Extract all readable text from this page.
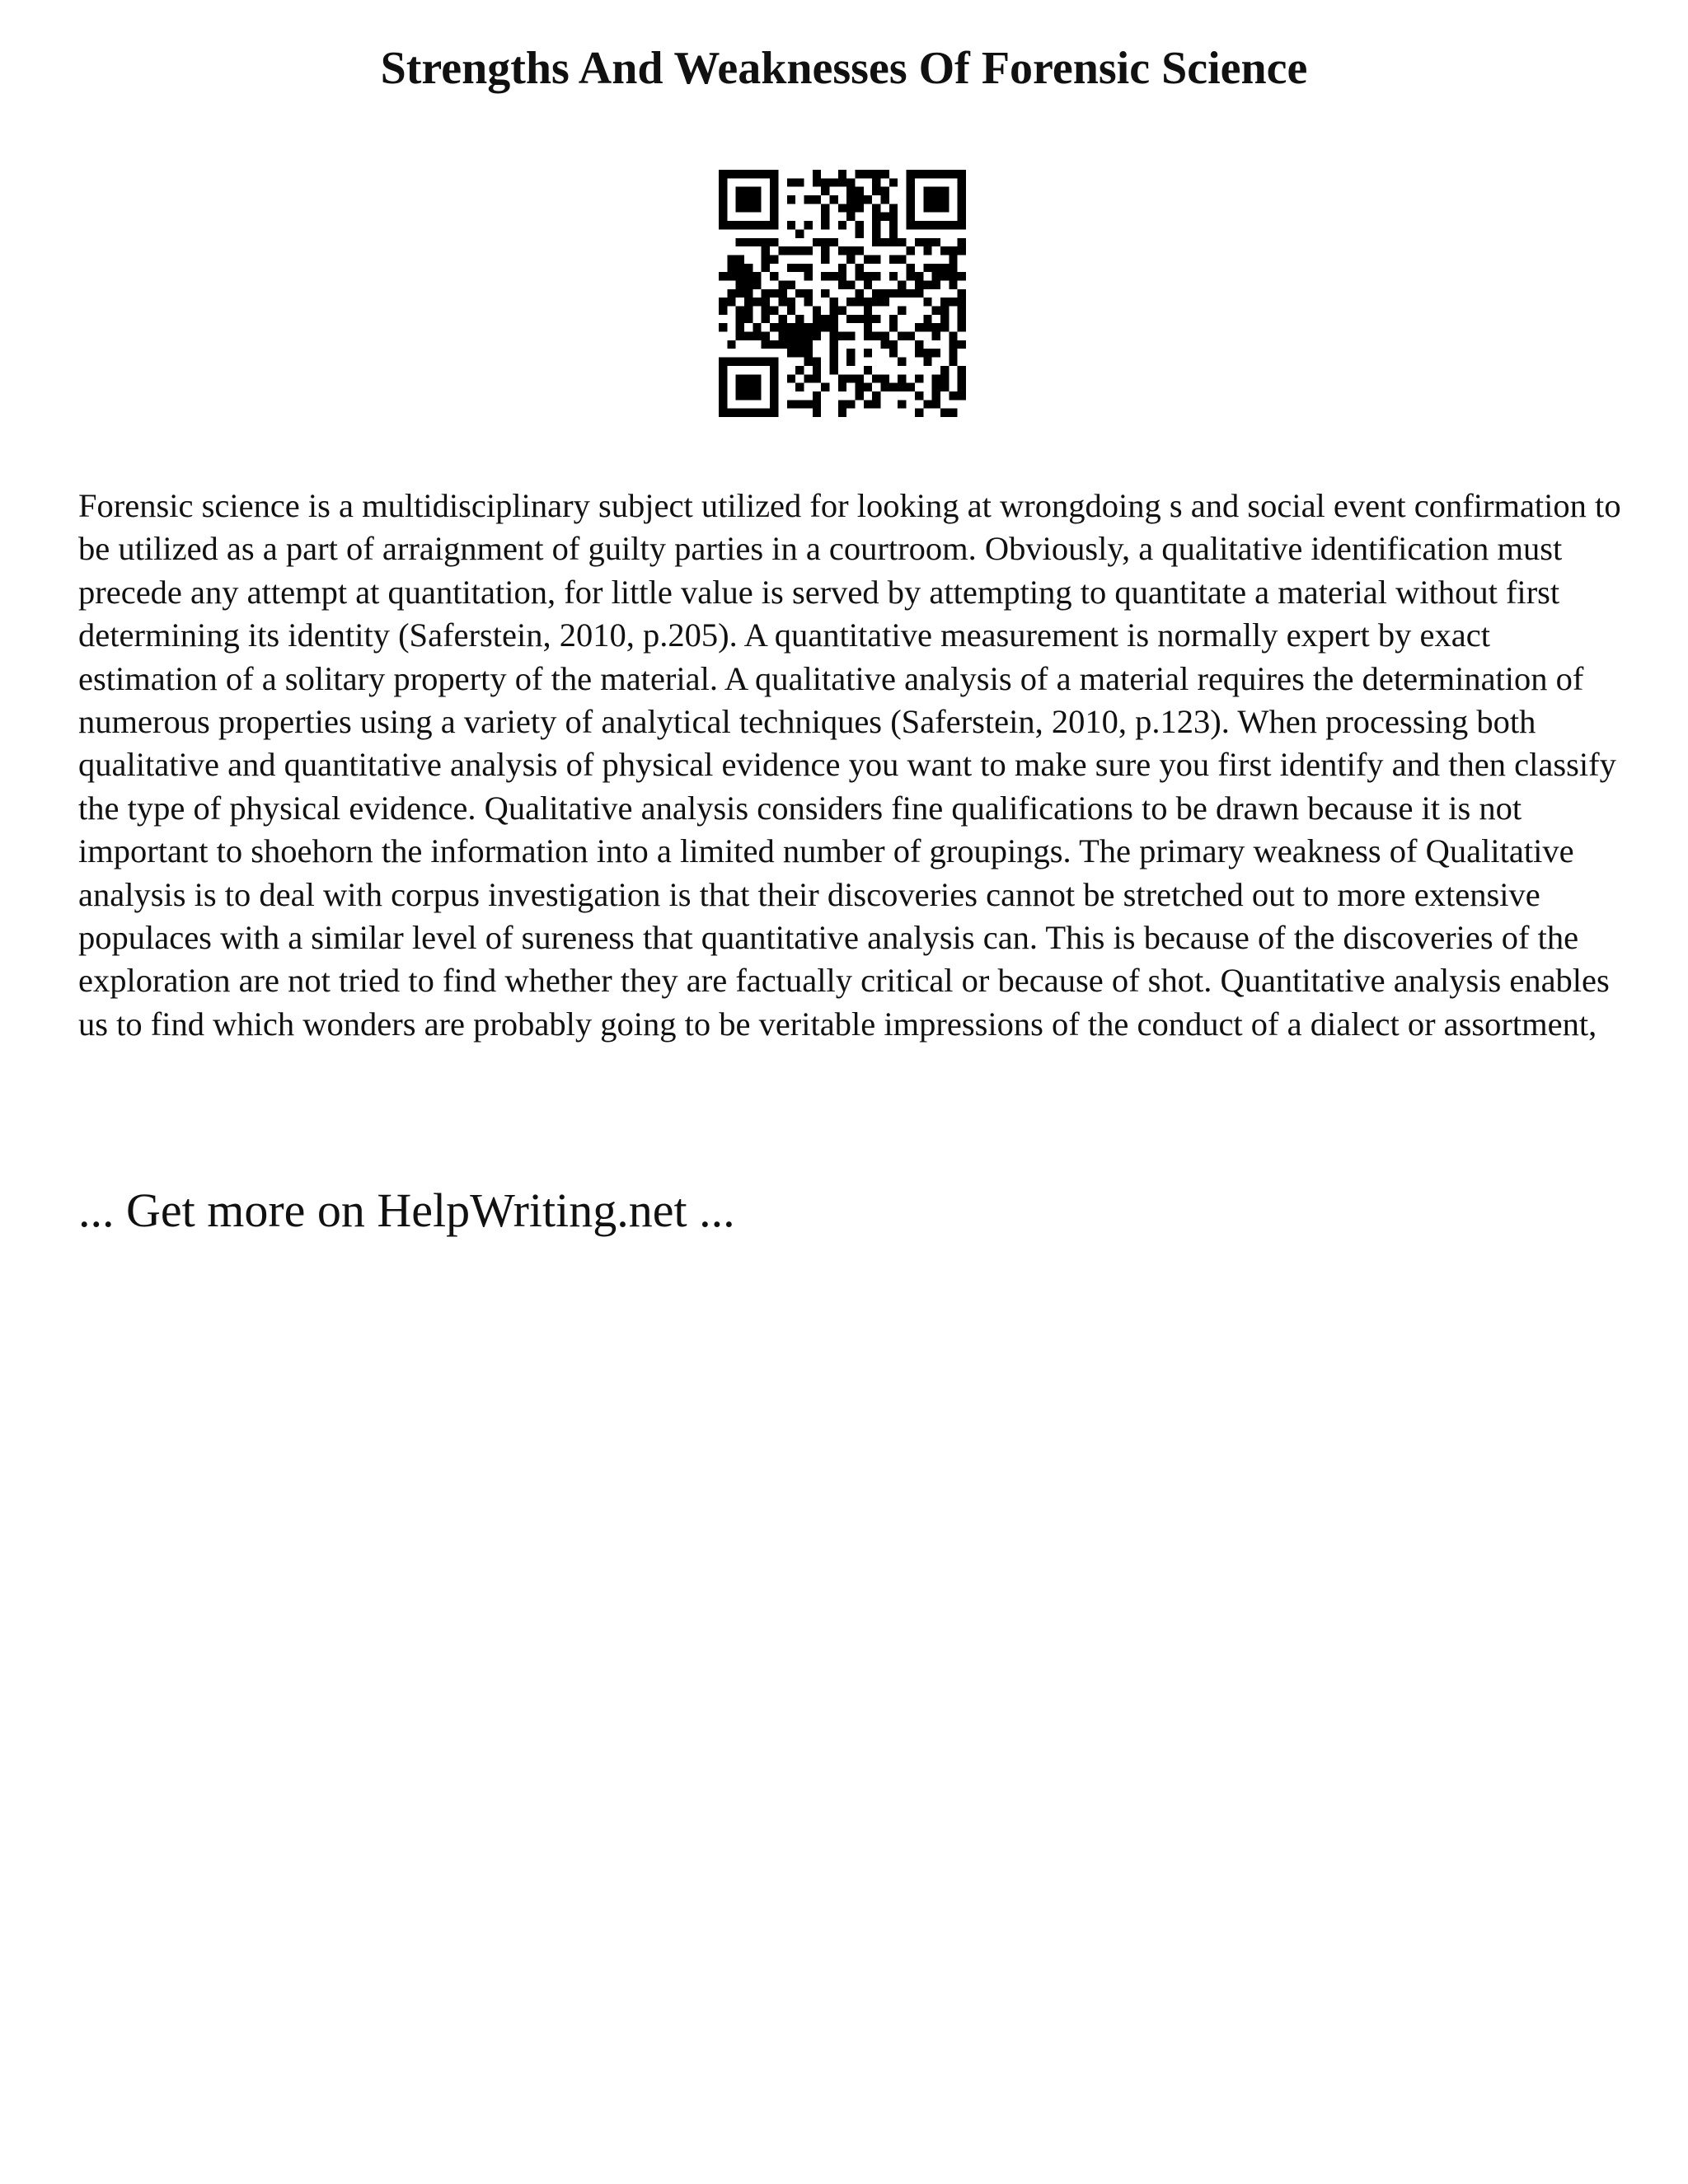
Strengths And Weaknesses Of Forensic Science

Forensic science is a multidisciplinary subject utilized for looking at wrongdoing s and social event confirmation to be utilized as a part of arraignment of guilty parties in a courtroom. Obviously, a qualitative identification must precede any attempt at quantitation, for little value is served by attempting to quantitate a material without first determining its identity (Saferstein, 2010, p.205). A quantitative measurement is normally expert by exact estimation of a solitary property of the material. A qualitative analysis of a material requires the determination of numerous properties using a variety of analytical techniques (Saferstein, 2010, p.123). When processing both qualitative and quantitative analysis of physical evidence you want to make sure you first identify and then classify the type of physical evidence. Qualitative analysis considers fine qualifications to be drawn because it is not important to shoehorn the information into a limited number of groupings. The primary weakness of Qualitative analysis is to deal with corpus investigation is that their discoveries cannot be stretched out to more extensive populaces with a similar level of sureness that quantitative analysis can. This is because of the discoveries of the exploration are not tried to find whether they are factually critical or because of shot. Quantitative analysis enables us to find which wonders are probably going to be veritable impressions of the conduct of a dialect or assortment,

... Get more on HelpWriting.net ...
